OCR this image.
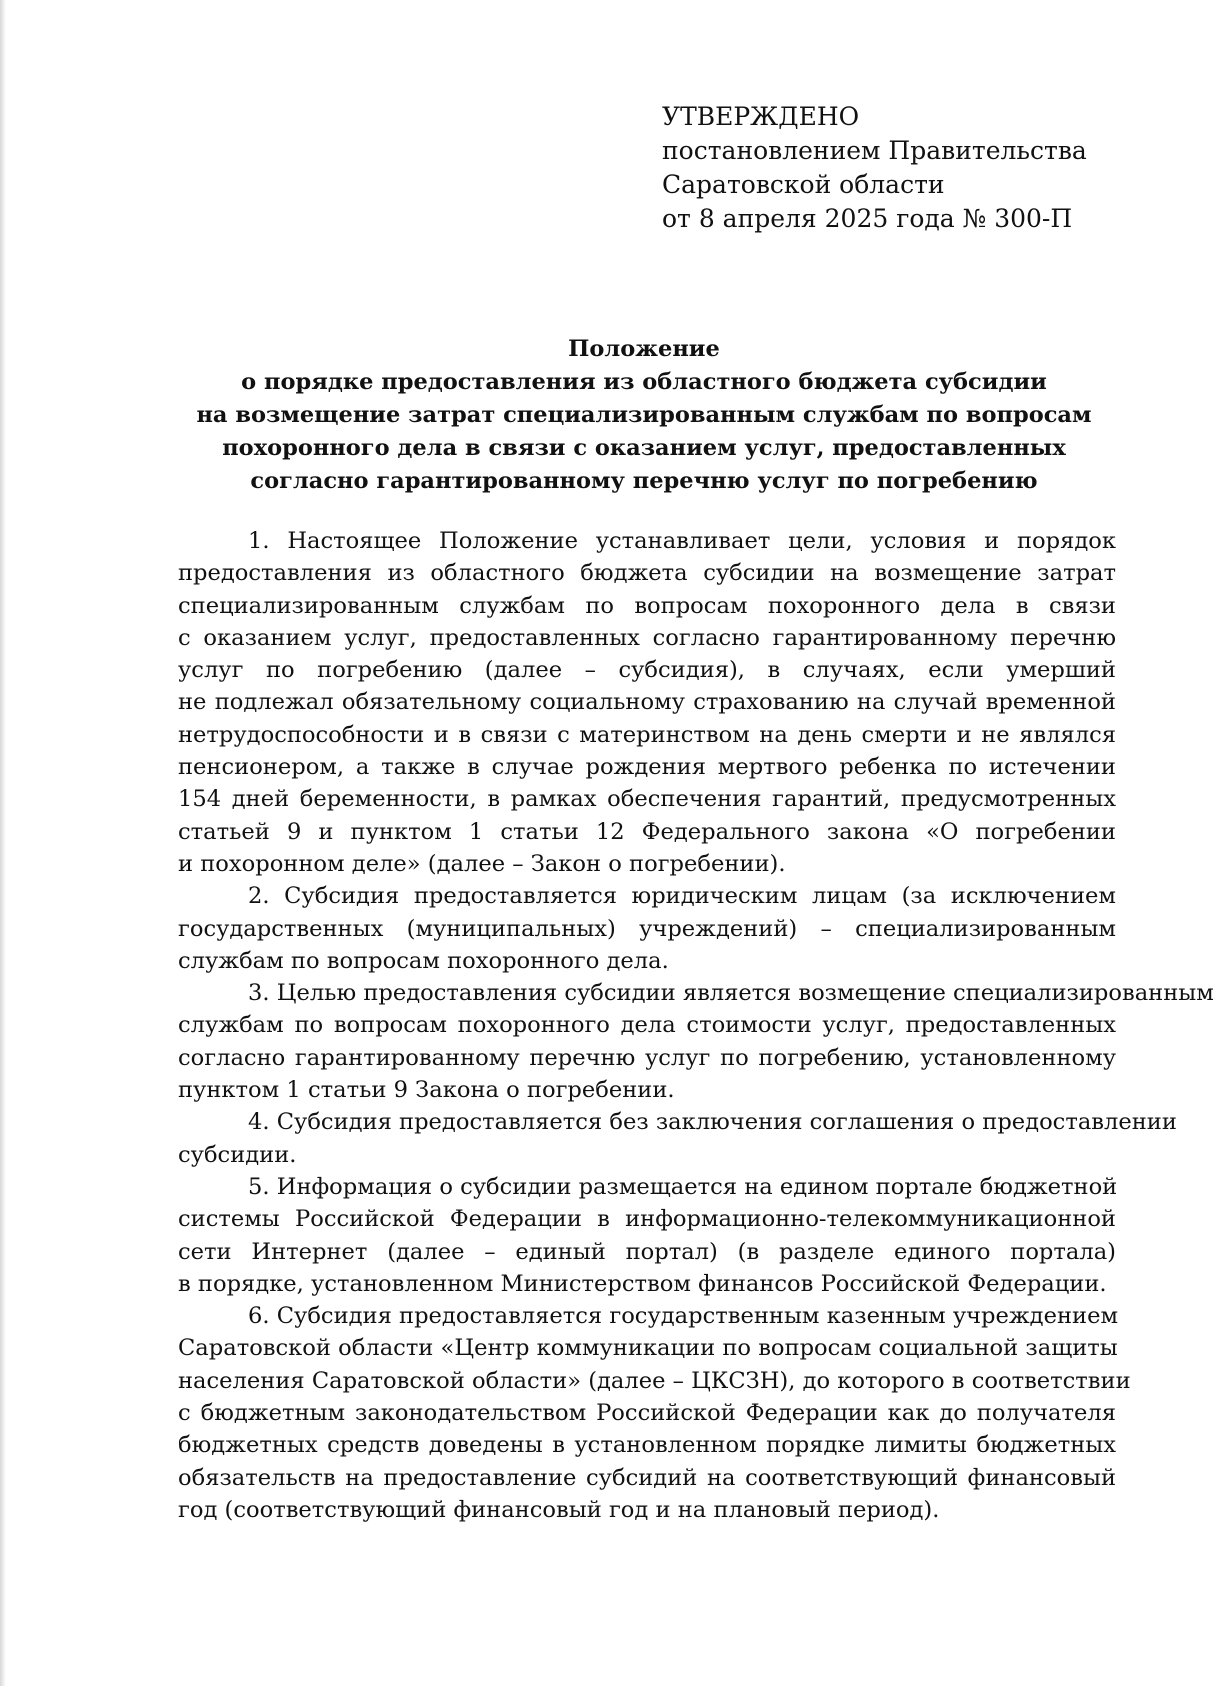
УТВЕРЖДЕНО
постановлением Правительства
Саратовской области
от 8 апреля 2025 года № 300-П
Положение
о порядке предоставления из областного бюджета субсидии
на возмещение затрат специализированным службам по вопросам
похоронного дела в связи с оказанием услуг, предоставленных
согласно гарантированному перечню услуг по погребению
1. Настоящее Положение устанавливает цели, условия и порядок
предоставления из областного бюджета субсидии на возмещение затрат
специализированным службам по вопросам похоронного дела в связи
с оказанием услуг, предоставленных согласно гарантированному перечню
услуг по погребению (далее – субсидия), в случаях, если умерший
не подлежал обязательному социальному страхованию на случай временной
нетрудоспособности и в связи с материнством на день смерти и не являлся
пенсионером, а также в случае рождения мертвого ребенка по истечении
154 дней беременности, в рамках обеспечения гарантий, предусмотренных
статьей 9 и пунктом 1 статьи 12 Федерального закона «О погребении
и похоронном деле» (далее – Закон о погребении).
2. Субсидия предоставляется юридическим лицам (за исключением
государственных (муниципальных) учреждений) – специализированным
службам по вопросам похоронного дела.
3. Целью предоставления субсидии является возмещение специализированным
службам по вопросам похоронного дела стоимости услуг, предоставленных
согласно гарантированному перечню услуг по погребению, установленному
пунктом 1 статьи 9 Закона о погребении.
4. Субсидия предоставляется без заключения соглашения о предоставлении
субсидии.
5. Информация о субсидии размещается на едином портале бюджетной
системы Российской Федерации в информационно-телекоммуникационной
сети Интернет (далее – единый портал) (в разделе единого портала)
в порядке, установленном Министерством финансов Российской Федерации.
6. Субсидия предоставляется государственным казенным учреждением
Саратовской области «Центр коммуникации по вопросам социальной защиты
населения Саратовской области» (далее – ЦКСЗН), до которого в соответствии
с бюджетным законодательством Российской Федерации как до получателя
бюджетных средств доведены в установленном порядке лимиты бюджетных
обязательств на предоставление субсидий на соответствующий финансовый
год (соответствующий финансовый год и на плановый период).
